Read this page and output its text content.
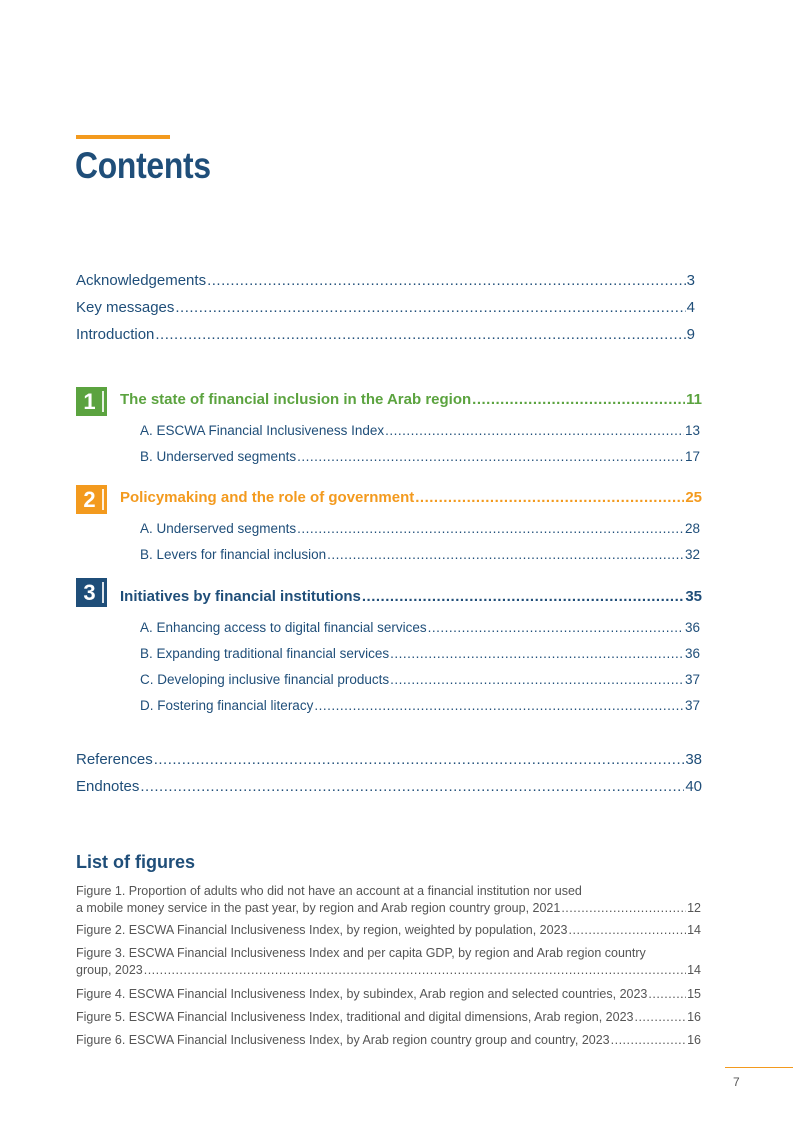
Contents
Acknowledgements .....	3
Key messages .....	4
Introduction .....	9
1 The state of financial inclusion in the Arab region .....	11
A. ESCWA Financial Inclusiveness Index .....	13
B. Underserved segments .....	17
2 Policymaking and the role of government .....	25
A. Underserved segments .....	28
B. Levers for financial inclusion .....	32
3 Initiatives by financial institutions .....	35
A. Enhancing access to digital financial services .....	36
B. Expanding traditional financial services .....	36
C. Developing inclusive financial products .....	37
D. Fostering financial literacy .....	37
References .....	38
Endnotes .....	40
List of figures
Figure 1. Proportion of adults who did not have an account at a financial institution nor used
a mobile money service in the past year, by region and Arab region country group, 2021 .....	12
Figure 2. ESCWA Financial Inclusiveness Index, by region, weighted by population, 2023 .....	14
Figure 3. ESCWA Financial Inclusiveness Index and per capita GDP, by region and Arab region country
group, 2023 .....	14
Figure 4. ESCWA Financial Inclusiveness Index, by subindex, Arab region and selected countries, 2023 .....	15
Figure 5. ESCWA Financial Inclusiveness Index, traditional and digital dimensions, Arab region, 2023 .....	16
Figure 6. ESCWA Financial Inclusiveness Index, by Arab region country group and country, 2023 .....	16
7
